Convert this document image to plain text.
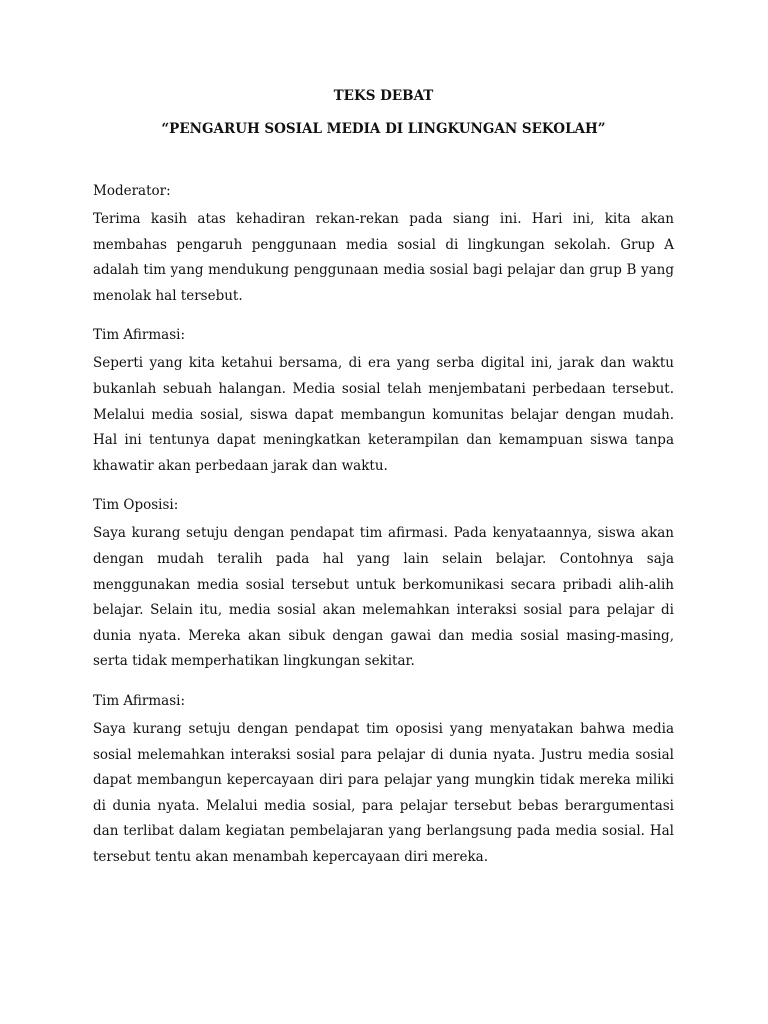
TEKS DEBAT
“PENGARUH SOSIAL MEDIA DI LINGKUNGAN SEKOLAH”

Moderator:

Terima kasih atas kehadiran rekan-rekan pada siang ini. Hari ini, kita akan membahas pengaruh penggunaan media sosial di lingkungan sekolah. Grup A adalah tim yang mendukung penggunaan media sosial bagi pelajar dan grup B yang menolak hal tersebut.

Tim Afirmasi:

Seperti yang kita ketahui bersama, di era yang serba digital ini, jarak dan waktu bukanlah sebuah halangan. Media sosial telah menjembatani perbedaan tersebut. Melalui media sosial, siswa dapat membangun komunitas belajar dengan mudah. Hal ini tentunya dapat meningkatkan keterampilan dan kemampuan siswa tanpa khawatir akan perbedaan jarak dan waktu.

Tim Oposisi:

Saya kurang setuju dengan pendapat tim afirmasi. Pada kenyataannya, siswa akan dengan mudah teralih pada hal yang lain selain belajar. Contohnya saja menggunakan media sosial tersebut untuk berkomunikasi secara pribadi alih-alih belajar. Selain itu, media sosial akan melemahkan interaksi sosial para pelajar di dunia nyata. Mereka akan sibuk dengan gawai dan media sosial masing-masing, serta tidak memperhatikan lingkungan sekitar.

Tim Afirmasi:

Saya kurang setuju dengan pendapat tim oposisi yang menyatakan bahwa media sosial melemahkan interaksi sosial para pelajar di dunia nyata. Justru media sosial dapat membangun kepercayaan diri para pelajar yang mungkin tidak mereka miliki di dunia nyata. Melalui media sosial, para pelajar tersebut bebas berargumentasi dan terlibat dalam kegiatan pembelajaran yang berlangsung pada media sosial. Hal tersebut tentu akan menambah kepercayaan diri mereka.
